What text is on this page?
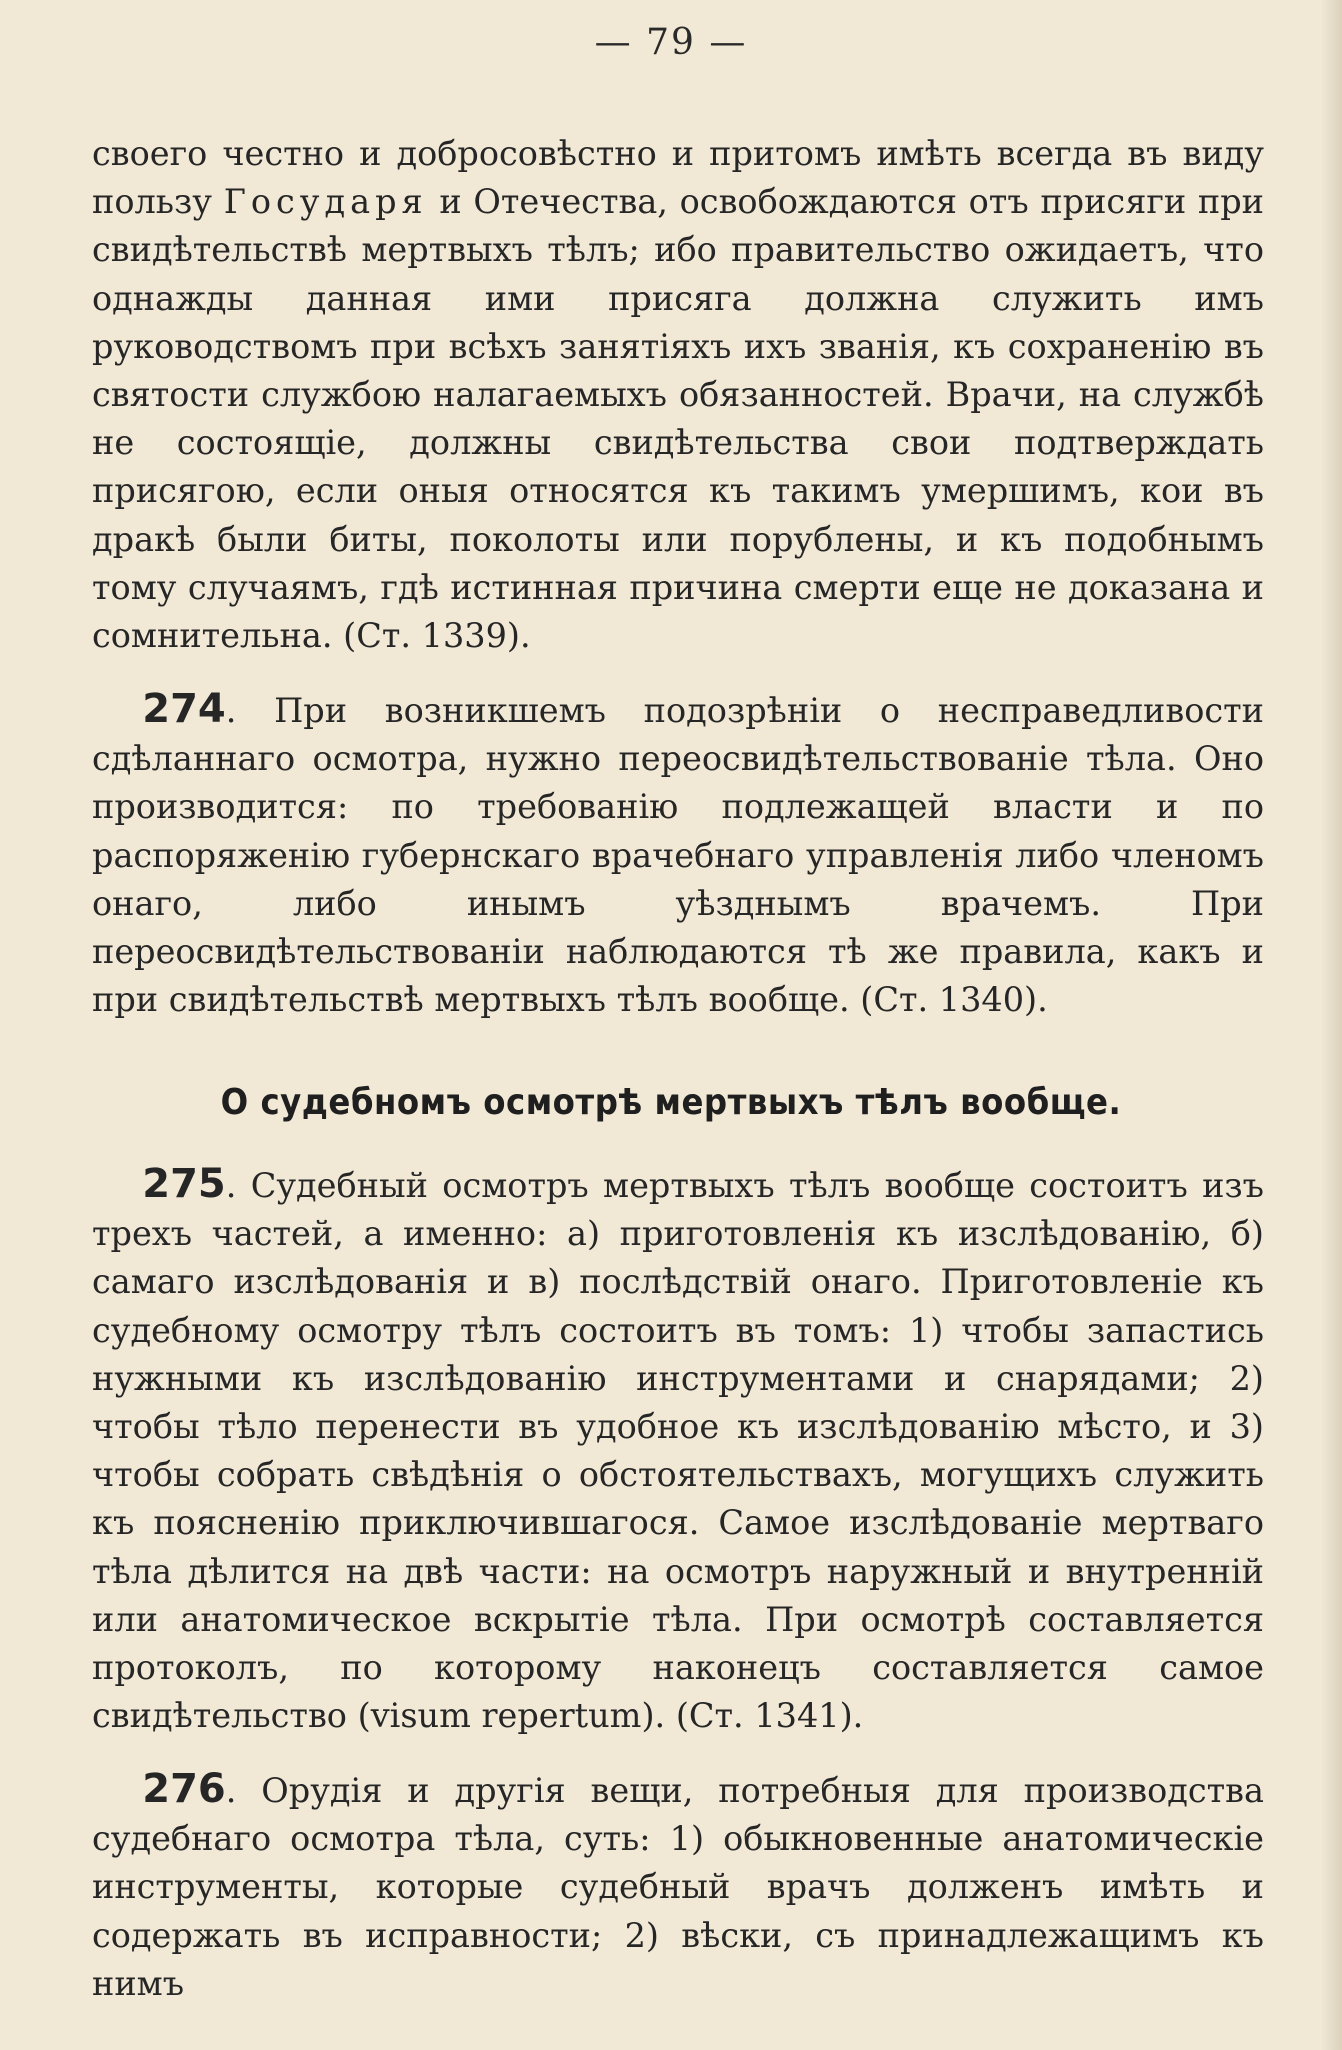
— 79 —
своего честно и добросовѣстно и притомъ имѣть всегда въ виду пользу Государя и Отечества, освобождаются отъ присяги при свидѣтельствѣ мертвыхъ тѣлъ; ибо правительство ожидаетъ, что однажды данная ими присяга должна служить имъ руководствомъ при всѣхъ занятіяхъ ихъ званія, къ сохраненію въ святости службою налагаемыхъ обязанностей. Врачи, на службѣ не состоящіе, должны свидѣтельства свои подтверждать присягою, если оныя относятся къ такимъ умершимъ, кои въ дракѣ были биты, поколоты или порублены, и къ подобнымъ тому случаямъ, гдѣ истинная причина смерти еще не доказана и сомнительна. (Ст. 1339).
  274. При возникшемъ подозрѣніи о несправедливости сдѣланнаго осмотра, нужно переосвидѣтельствованіе тѣла. Оно производится: по требованію подлежащей власти и по распоряженію губернскаго врачебнаго управленія либо членомъ онаго, либо инымъ уѣзднымъ врачемъ. При переосвидѣтельствованіи наблюдаются тѣ же правила, какъ и при свидѣтельствѣ мертвыхъ тѣлъ вообще. (Ст. 1340).
О судебномъ осмотрѣ мертвыхъ тѣлъ вообще.
  275. Судебный осмотръ мертвыхъ тѣлъ вообще состоитъ изъ трехъ частей, а именно: а) приготовленія къ изслѣдованію, б) самаго изслѣдованія и в) послѣдствій онаго. Приготовленіе къ судебному осмотру тѣлъ состоитъ въ томъ: 1) чтобы запастись нужными къ изслѣдованію инструментами и снарядами; 2) чтобы тѣло перенести въ удобное къ изслѣдованію мѣсто, и 3) чтобы собрать свѣдѣнія о обстоятельствахъ, могущихъ служить къ поясненію приключившагося. Самое изслѣдованіе мертваго тѣла дѣлится на двѣ части: на осмотръ наружный и внутренній или анатомическое вскрытіе тѣла. При осмотрѣ составляется протоколъ, по которому наконецъ составляется самое свидѣтельство (visum repertum). (Ст. 1341).
  276. Орудія и другія вещи, потребныя для производства судебнаго осмотра тѣла, суть: 1) обыкновенные анатомическіе инструменты, которые судебный врачъ долженъ имѣть и содержать въ исправности; 2) вѣски, съ принадлежащимъ къ нимъ
